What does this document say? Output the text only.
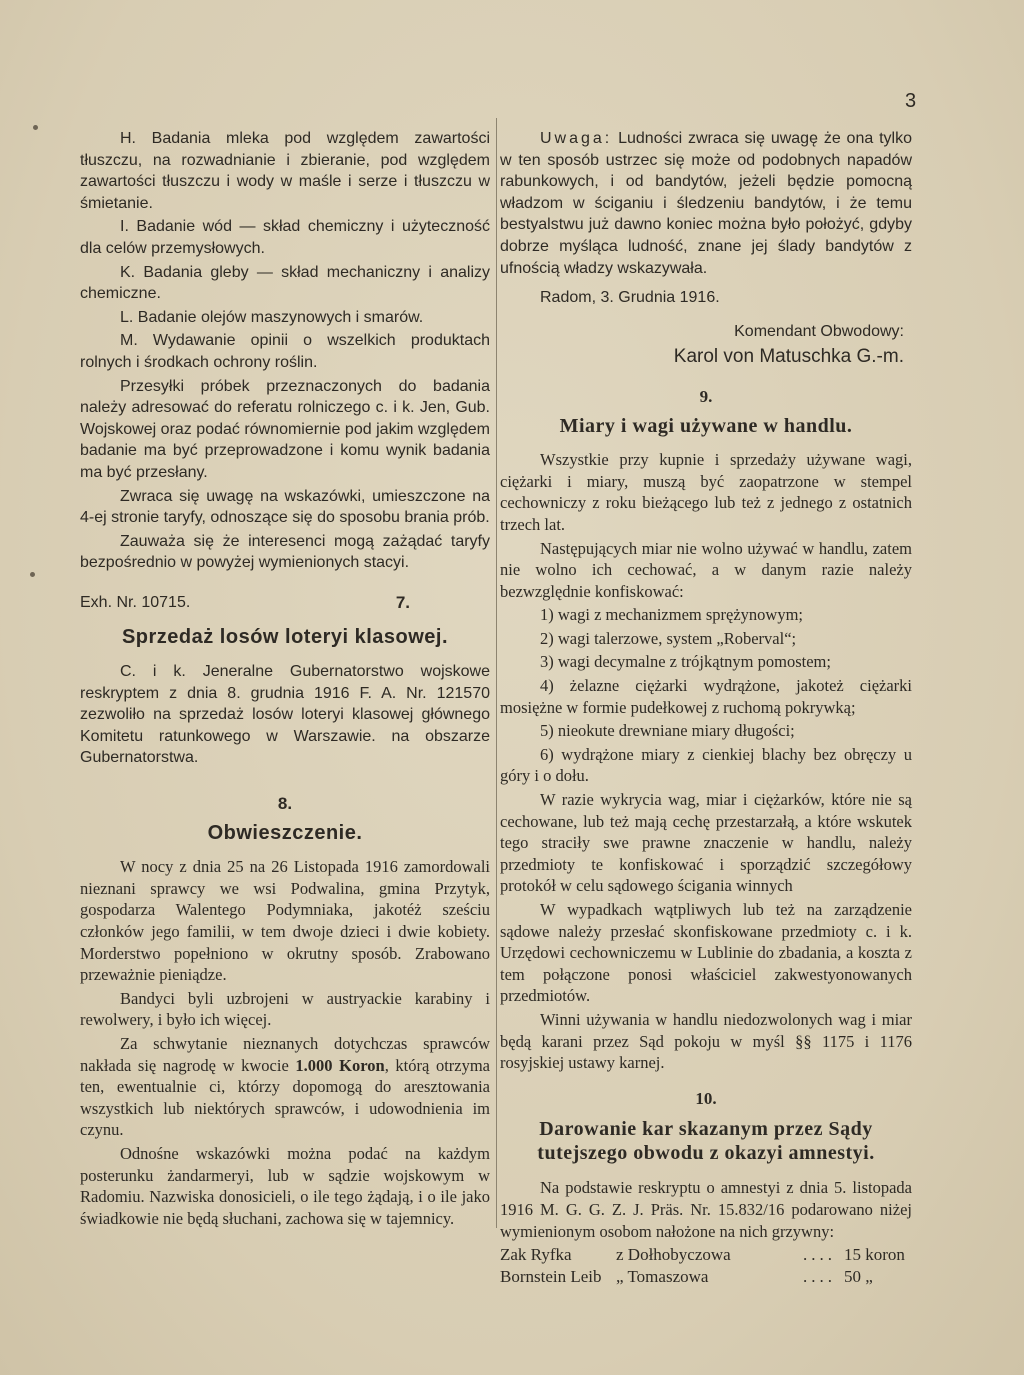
3

H. Badania mleka pod względem zawartości tłuszczu, na rozwadnianie i zbieranie, pod względem zawartości tłuszczu i wody w maśle i serze i tłuszczu w śmietanie.

I. Badanie wód — skład chemiczny i użyteczność dla celów przemysłowych.

K. Badania gleby — skład mechaniczny i analizy chemiczne.

L. Badanie olejów maszynowych i smarów.

M. Wydawanie opinii o wszelkich produktach rolnych i środkach ochrony roślin.

Przesyłki próbek przeznaczonych do badania należy adresować do referatu rolniczego c. i k. Jen, Gub. Wojskowej oraz podać równomiernie pod jakim względem badanie ma być przeprowadzone i komu wynik badania ma być przesłany.

Zwraca się uwagę na wskazówki, umieszczone na 4-ej stronie taryfy, odnoszące się do sposobu brania prób.

Zauważa się że interesenci mogą zażądać taryfy bezpośrednio w powyżej wymienionych stacyi.

Exh. Nr. 10715.	7.
Sprzedaż losów loteryi klasowej.

C. i k. Jeneralne Gubernatorstwo wojskowe reskryptem z dnia 8. grudnia 1916 F. A. Nr. 121570 zezwoliło na sprzedaż losów loteryi klasowej głównego Komitetu ratunkowego w Warszawie. na obszarze Gubernatorstwa.

8.
Obwieszczenie.

W nocy z dnia 25 na 26 Listopada 1916 zamordowali nieznani sprawcy we wsi Podwalina, gmina Przytyk, gospodarza Walentego Podymniaka, jakotéż sześciu członków jego familii, w tem dwoje dzieci i dwie kobiety. Morderstwo popełniono w okrutny sposób. Zrabowano przeważnie pieniądze.

Bandyci byli uzbrojeni w austryackie karabiny i rewolwery, i było ich więcej.

Za schwytanie nieznanych dotychczas sprawców nakłada się nagrodę w kwocie 1.000 Koron, którą otrzyma ten, ewentualnie ci, którzy dopomogą do aresztowania wszystkich lub niektórych sprawców, i udowodnienia im czynu.

Odnośne wskazówki można podać na każdym posterunku żandarmeryi, lub w sądzie wojskowym w Radomiu. Nazwiska donosicieli, o ile tego żądają, i o ile jako świadkowie nie będą słuchani, zachowa się w tajemnicy.

Uwaga: Ludności zwraca się uwagę że ona tylko w ten sposób ustrzec się może od podobnych napadów rabunkowych, i od bandytów, jeżeli będzie pomocną władzom w ściganiu i śledzeniu bandytów, i że temu bestyalstwu już dawno koniec można było położyć, gdyby dobrze myśląca ludność, znane jej ślady bandytów z ufnością władzy wskazywała.

Radom, 3. Grudnia 1916.
Komendant Obwodowy:
Karol von Matuschka G.-m.
9.
Miary i wagi używane w handlu.

Wszystkie przy kupnie i sprzedaży używane wagi, ciężarki i miary, muszą być zaopatrzone w stempel cechowniczy z roku bieżącego lub też z jednego z ostatnich trzech lat.

Następujących miar nie wolno używać w handlu, zatem nie wolno ich cechować, a w danym razie należy bezwzględnie konfiskować:

1) wagi z mechanizmem sprężynowym;

2) wagi talerzowe, system „Roberval“;

3) wagi decymalne z trójkątnym pomostem;

4) żelazne ciężarki wydrążone, jakoteż ciężarki mosiężne w formie pudełkowej z ruchomą pokrywką;

5) nieokute drewniane miary długości;

6) wydrążone miary z cienkiej blachy bez obręczy u góry i o dołu.

W razie wykrycia wag, miar i ciężarków, które nie są cechowane, lub też mają cechę przestarzałą, a które wskutek tego straciły swe prawne znaczenie w handlu, należy przedmioty te konfiskować i sporządzić szczegółowy protokół w celu sądowego ścigania winnych

W wypadkach wątpliwych lub też na zarządzenie sądowe należy przesłać skonfiskowane przedmioty c. i k. Urzędowi cechowniczemu w Lublinie do zbadania, a koszta z tem połączone ponosi właściciel zakwestyonowanych przedmiotów.

Winni używania w handlu niedozwolonych wag i miar będą karani przez Sąd pokoju w myśl §§ 1175 i 1176 rosyjskiej ustawy karnej.

10.
Darowanie kar skazanym przez Sądy tutejszego obwodu z okazyi amnestyi.

Na podstawie reskryptu o amnestyi z dnia 5. listopada 1916 M. G. G. Z. J. Präs. Nr. 15.832/16 podarowano niżej wymienionym osobom nałożone na nich grzywny:

Zak Ryfka	z Dołhobyczowa	.... 15 koron
Bornstein Leib „ Tomaszowa	.... 50 „
